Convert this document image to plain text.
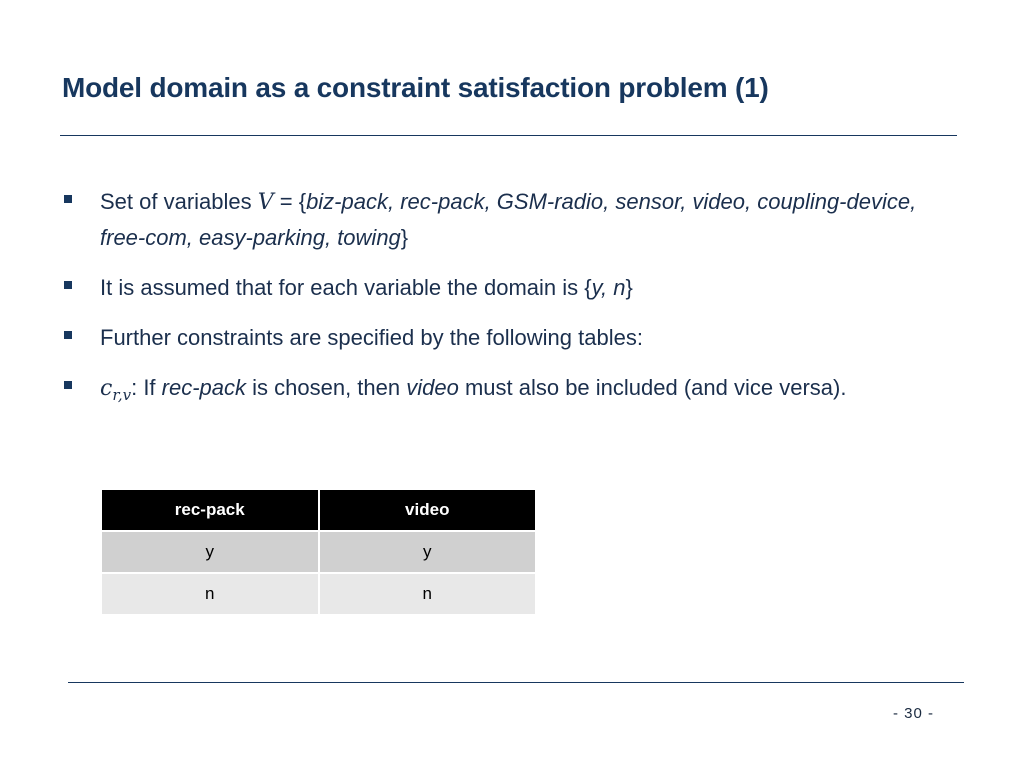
Model domain as a constraint satisfaction problem (1)
Set of variables V = {biz-pack, rec-pack, GSM-radio, sensor, video, coupling-device, free-com, easy-parking, towing}
It is assumed that for each variable the domain is {y, n}
Further constraints are specified by the following tables:
$c_{r,v}$: If rec-pack is chosen, then video must also be included (and vice versa).
rec-pack	video
y	y
n	n
- 30 -
